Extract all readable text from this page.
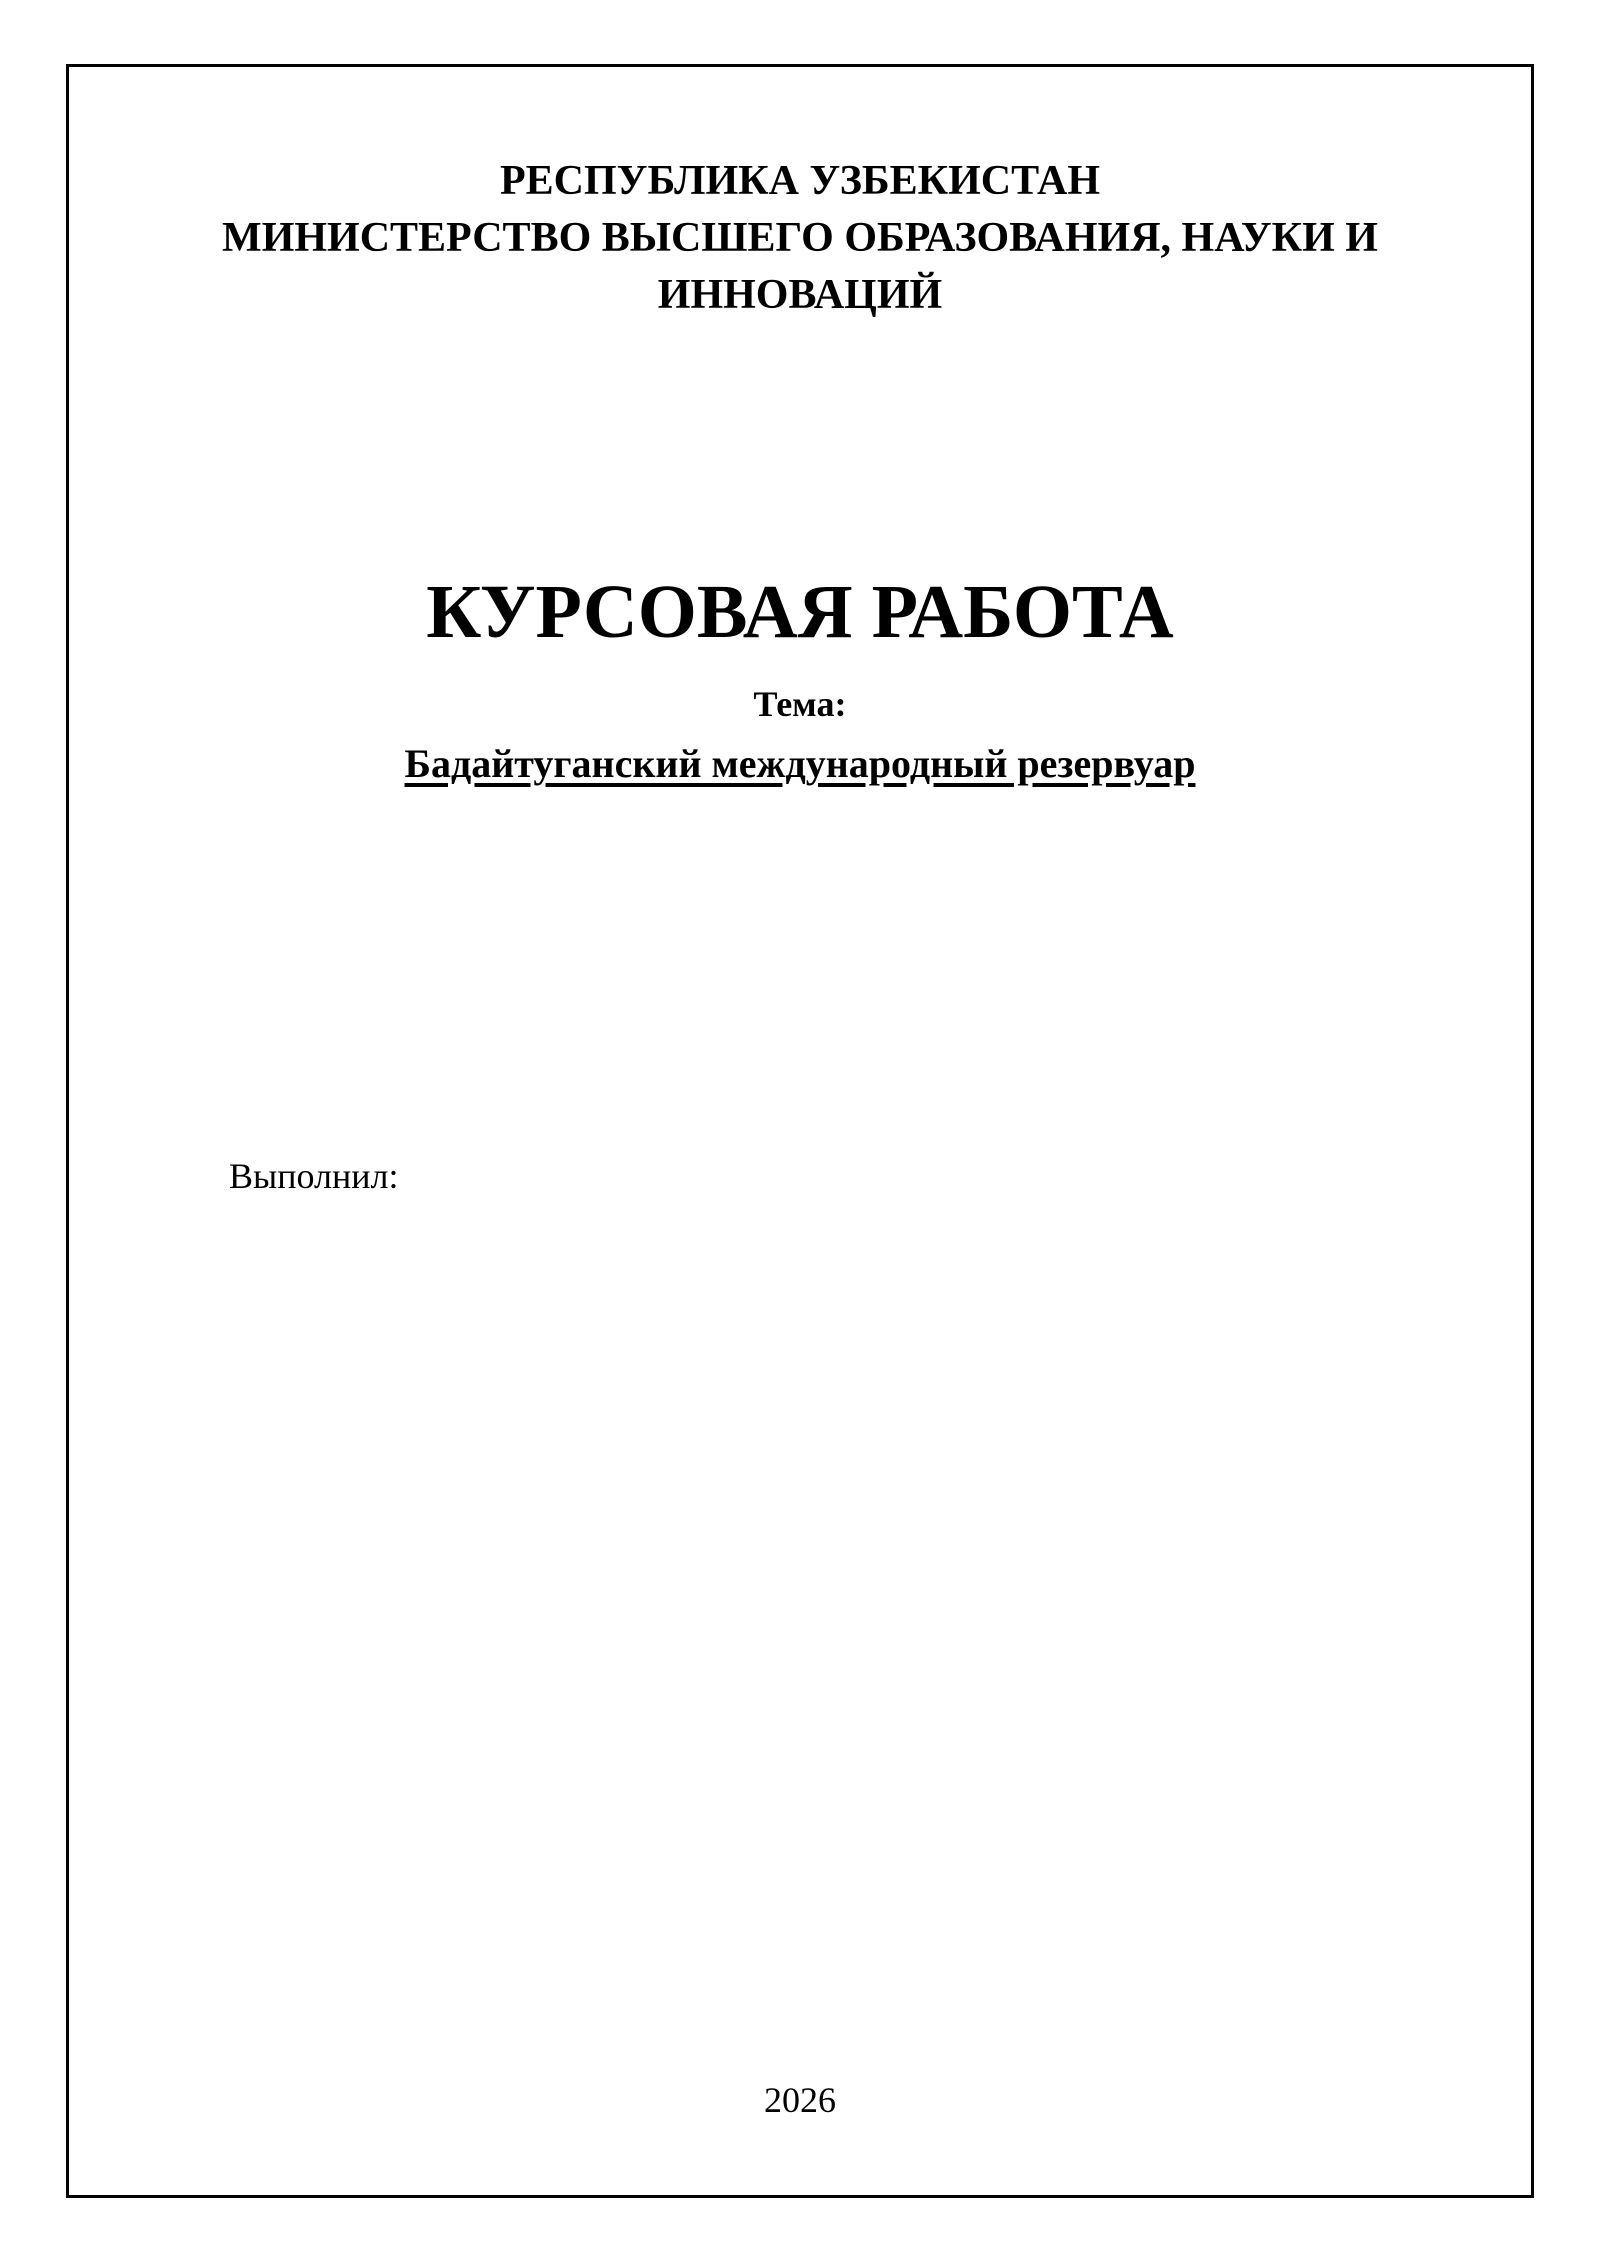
РЕСПУБЛИКА УЗБЕКИСТАН
МИНИСТЕРСТВО ВЫСШЕГО ОБРАЗОВАНИЯ, НАУКИ И
ИННОВАЦИЙ
КУРСОВАЯ РАБОТА
Тема:
Бадайтуганский международный резервуар
Выполнил:
2026
